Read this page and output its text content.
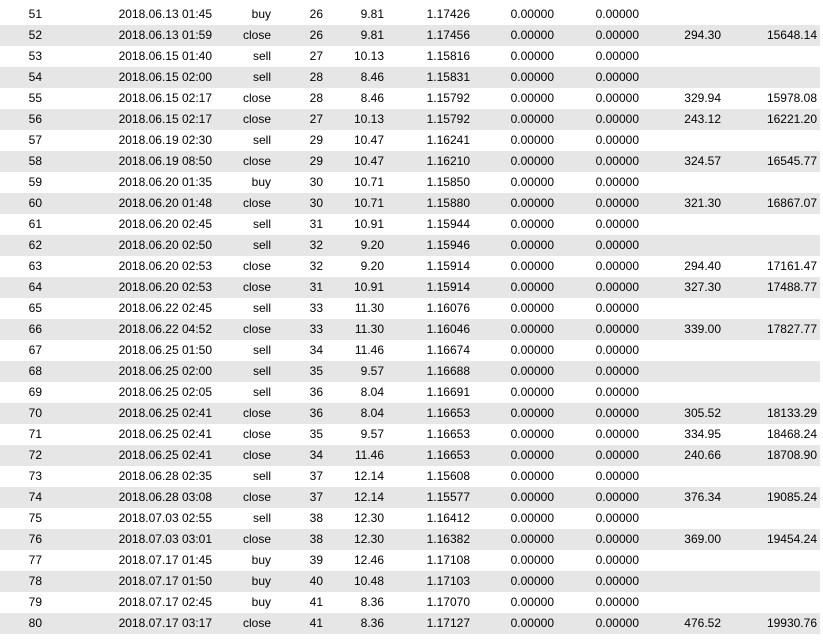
51	2018.06.13 01:45	buy	26	9.81	1.17426	0.00000	0.00000		
52	2018.06.13 01:59	close	26	9.81	1.17456	0.00000	0.00000	294.30	15648.14
53	2018.06.15 01:40	sell	27	10.13	1.15816	0.00000	0.00000		
54	2018.06.15 02:00	sell	28	8.46	1.15831	0.00000	0.00000		
55	2018.06.15 02:17	close	28	8.46	1.15792	0.00000	0.00000	329.94	15978.08
56	2018.06.15 02:17	close	27	10.13	1.15792	0.00000	0.00000	243.12	16221.20
57	2018.06.19 02:30	sell	29	10.47	1.16241	0.00000	0.00000		
58	2018.06.19 08:50	close	29	10.47	1.16210	0.00000	0.00000	324.57	16545.77
59	2018.06.20 01:35	buy	30	10.71	1.15850	0.00000	0.00000		
60	2018.06.20 01:48	close	30	10.71	1.15880	0.00000	0.00000	321.30	16867.07
61	2018.06.20 02:45	sell	31	10.91	1.15944	0.00000	0.00000		
62	2018.06.20 02:50	sell	32	9.20	1.15946	0.00000	0.00000		
63	2018.06.20 02:53	close	32	9.20	1.15914	0.00000	0.00000	294.40	17161.47
64	2018.06.20 02:53	close	31	10.91	1.15914	0.00000	0.00000	327.30	17488.77
65	2018.06.22 02:45	sell	33	11.30	1.16076	0.00000	0.00000		
66	2018.06.22 04:52	close	33	11.30	1.16046	0.00000	0.00000	339.00	17827.77
67	2018.06.25 01:50	sell	34	11.46	1.16674	0.00000	0.00000		
68	2018.06.25 02:00	sell	35	9.57	1.16688	0.00000	0.00000		
69	2018.06.25 02:05	sell	36	8.04	1.16691	0.00000	0.00000		
70	2018.06.25 02:41	close	36	8.04	1.16653	0.00000	0.00000	305.52	18133.29
71	2018.06.25 02:41	close	35	9.57	1.16653	0.00000	0.00000	334.95	18468.24
72	2018.06.25 02:41	close	34	11.46	1.16653	0.00000	0.00000	240.66	18708.90
73	2018.06.28 02:35	sell	37	12.14	1.15608	0.00000	0.00000		
74	2018.06.28 03:08	close	37	12.14	1.15577	0.00000	0.00000	376.34	19085.24
75	2018.07.03 02:55	sell	38	12.30	1.16412	0.00000	0.00000		
76	2018.07.03 03:01	close	38	12.30	1.16382	0.00000	0.00000	369.00	19454.24
77	2018.07.17 01:45	buy	39	12.46	1.17108	0.00000	0.00000		
78	2018.07.17 01:50	buy	40	10.48	1.17103	0.00000	0.00000		
79	2018.07.17 02:45	buy	41	8.36	1.17070	0.00000	0.00000		
80	2018.07.17 03:17	close	41	8.36	1.17127	0.00000	0.00000	476.52	19930.76
